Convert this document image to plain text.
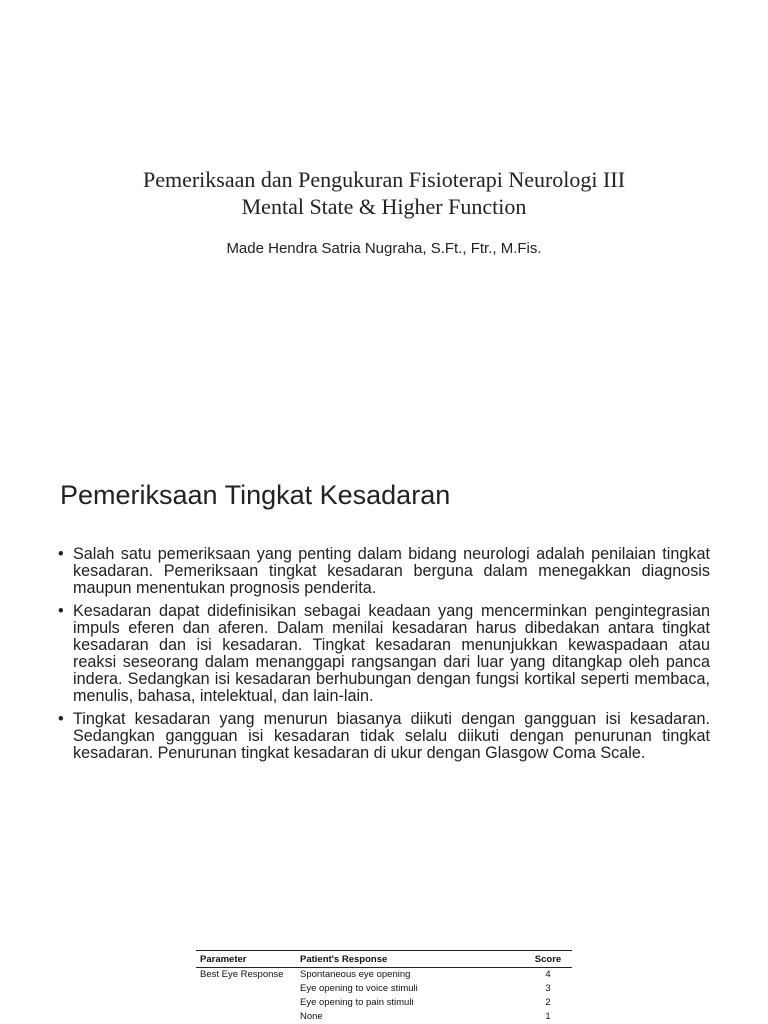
Pemeriksaan dan Pengukuran Fisioterapi Neurologi III
Mental State & Higher Function
Made Hendra Satria Nugraha, S.Ft., Ftr., M.Fis.
Pemeriksaan Tingkat Kesadaran
• Salah satu pemeriksaan yang penting dalam bidang neurologi adalah penilaian tingkat kesadaran. Pemeriksaan tingkat kesadaran berguna dalam menegakkan diagnosis maupun menentukan prognosis penderita.
• Kesadaran dapat didefinisikan sebagai keadaan yang mencerminkan pengintegrasian impuls eferen dan aferen. Dalam menilai kesadaran harus dibedakan antara tingkat kesadaran dan isi kesadaran. Tingkat kesadaran menunjukkan kewaspadaan atau reaksi seseorang dalam menanggapi rangsangan dari luar yang ditangkap oleh panca indera. Sedangkan isi kesadaran berhubungan dengan fungsi kortikal seperti membaca, menulis, bahasa, intelektual, dan lain-lain.
• Tingkat kesadaran yang menurun biasanya diikuti dengan gangguan isi kesadaran. Sedangkan gangguan isi kesadaran tidak selalu diikuti dengan penurunan tingkat kesadaran. Penurunan tingkat kesadaran di ukur dengan Glasgow Coma Scale.
Parameter	Patient's Response	Score
Best Eye Response	Spontaneous eye opening	4
	Eye opening to voice stimuli	3
	Eye opening to pain stimuli	2
	None	1
